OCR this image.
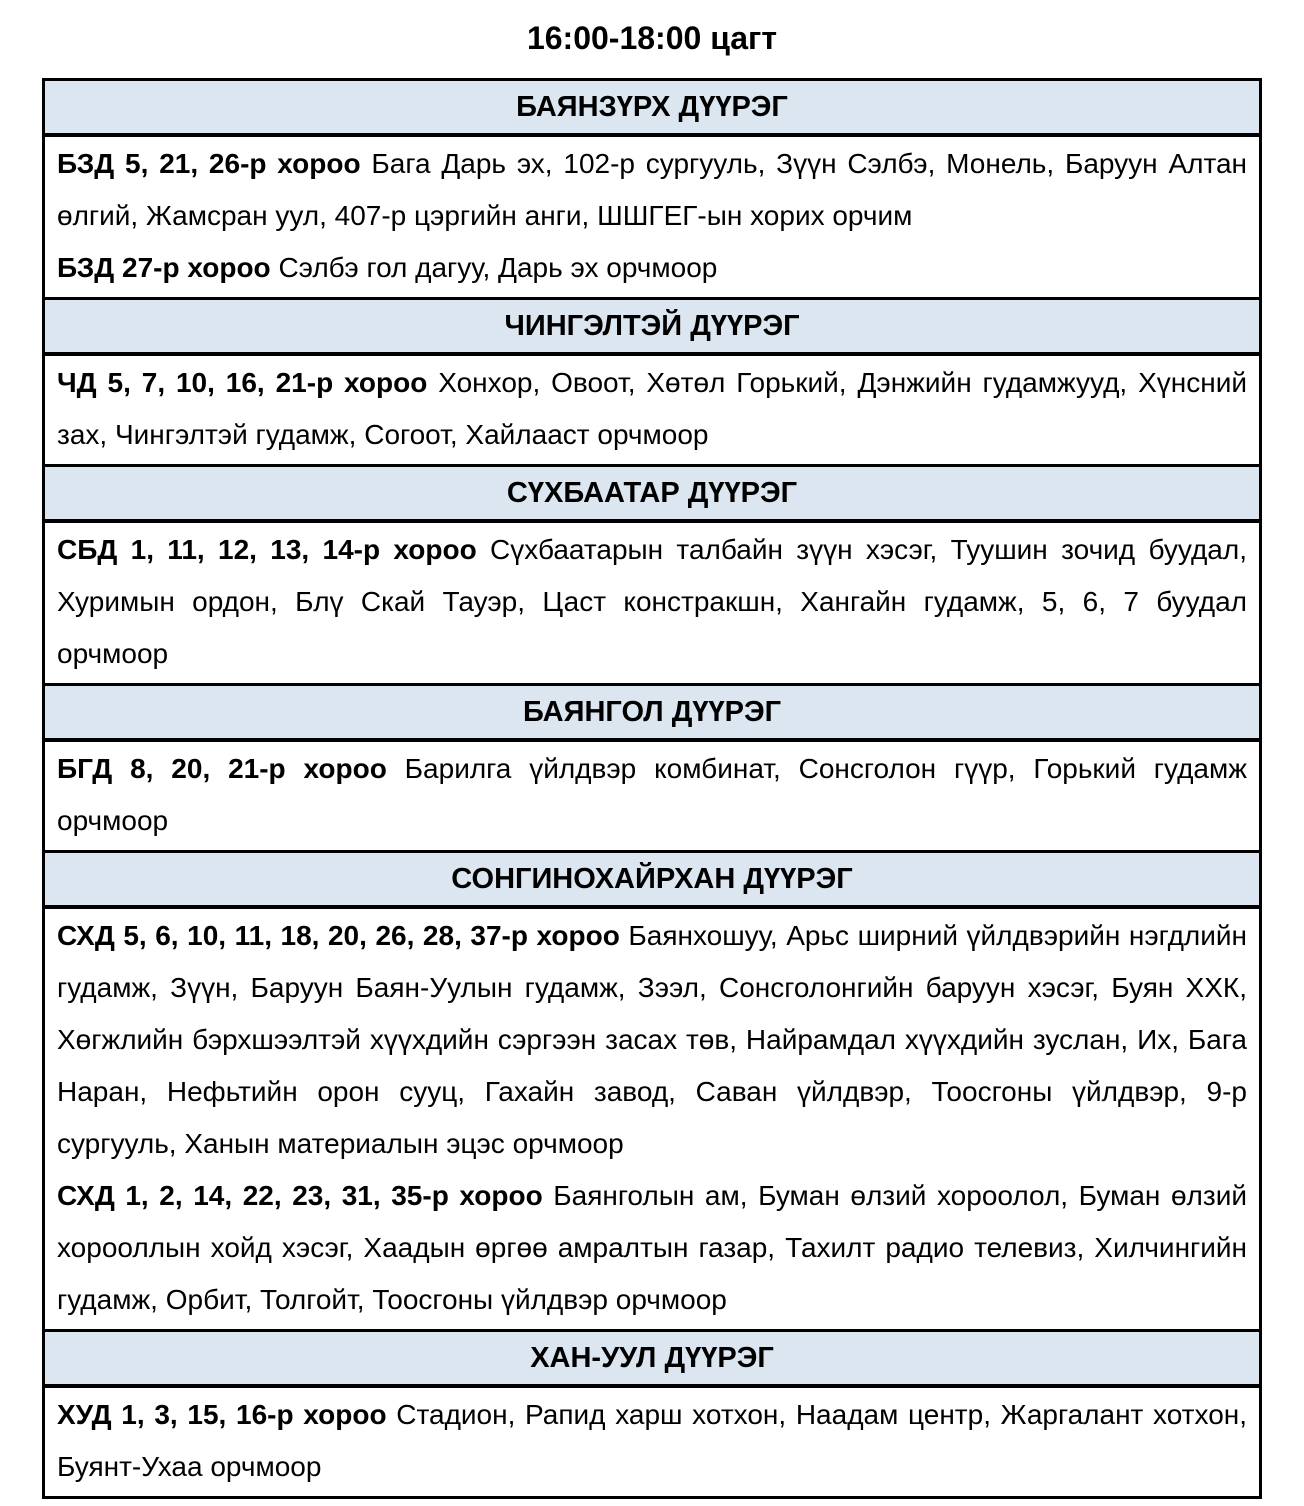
16:00-18:00 цагт
БАЯНЗҮРХ ДҮҮРЭГ

БЗД 5, 21, 26-р хороо Бага Дарь эх, 102-р сургууль, Зүүн Сэлбэ, Монель, Баруун Алтан өлгий, Жамсран уул, 407-р цэргийн анги, ШШГЕГ-ын хорих орчим

БЗД 27-р хороо Сэлбэ гол дагуу, Дарь эх орчмоор

ЧИНГЭЛТЭЙ ДҮҮРЭГ

ЧД 5, 7, 10, 16, 21-р хороо Хонхор, Овоот, Хөтөл Горький, Дэнжийн гудамжууд, Хүнсний зах, Чингэлтэй гудамж, Согоот, Хайлааст орчмоор

СҮХБААТАР ДҮҮРЭГ

СБД 1, 11, 12, 13, 14-р хороо Сүхбаатарын талбайн зүүн хэсэг, Туушин зочид буудал, Хуримын ордон, Блү Скай Тауэр, Цаст констракшн, Хангайн гудамж, 5, 6, 7 буудал орчмоор

БАЯНГОЛ ДҮҮРЭГ

БГД 8, 20, 21-р хороо Барилга үйлдвэр комбинат, Сонсголон гүүр, Горький гудамж орчмоор

СОНГИНОХАЙРХАН ДҮҮРЭГ

СХД 5, 6, 10, 11, 18, 20, 26, 28, 37-р хороо Баянхошуу, Арьс ширний үйлдвэрийн нэгдлийн гудамж, Зүүн, Баруун Баян-Уулын гудамж, Зээл, Сонсголонгийн баруун хэсэг, Буян ХХК, Хөгжлийн бэрхшээлтэй хүүхдийн сэргээн засах төв, Найрамдал хүүхдийн зуслан, Их, Бага Наран, Нефьтийн орон сууц, Гахайн завод, Саван үйлдвэр, Тоосгоны үйлдвэр, 9-р сургууль, Ханын материалын эцэс орчмоор

СХД 1, 2, 14, 22, 23, 31, 35-р хороо Баянголын ам, Буман өлзий хороолол, Буман өлзий хорооллын хойд хэсэг, Хаадын өргөө амралтын газар, Тахилт радио телевиз, Хилчингийн гудамж, Орбит, Толгойт, Тоосгоны үйлдвэр орчмоор

ХАН-УУЛ ДҮҮРЭГ

ХУД 1, 3, 15, 16-р хороо Стадион, Рапид харш хотхон, Наадам центр, Жаргалант хотхон, Буянт-Ухаа орчмоор
